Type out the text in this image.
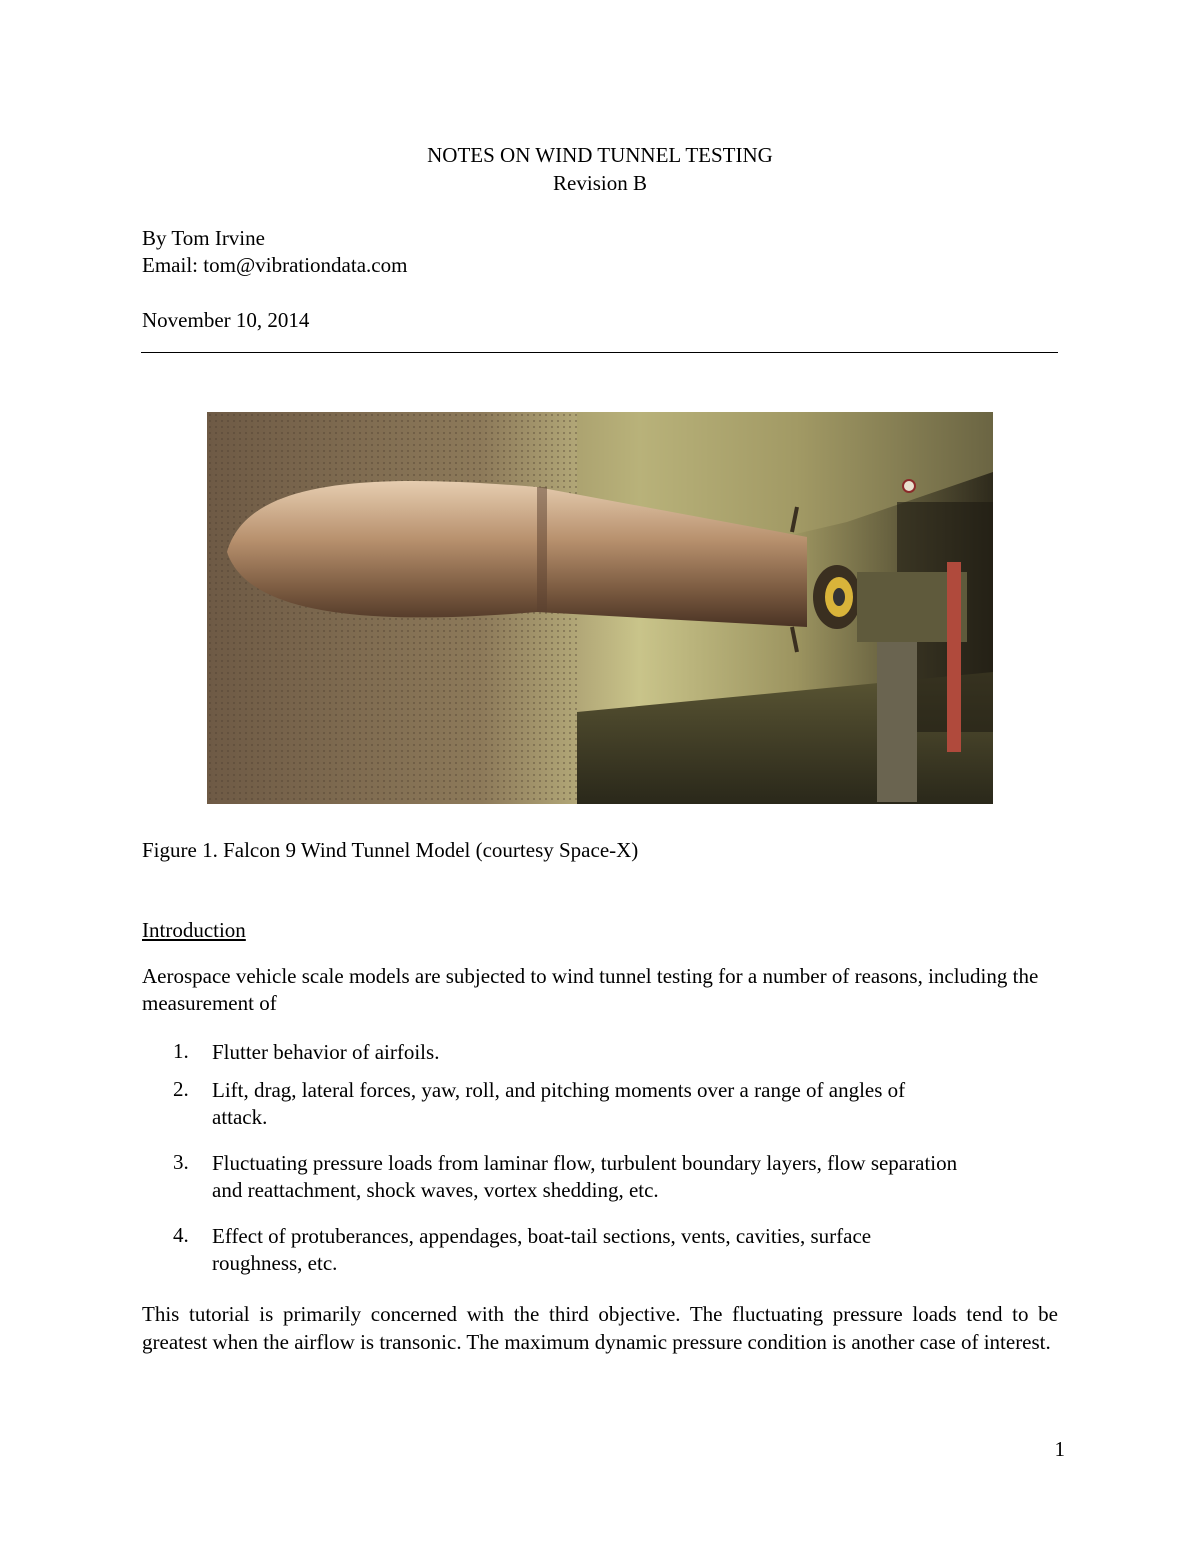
NOTES ON WIND TUNNEL TESTING
Revision B
By Tom Irvine
Email: tom@vibrationdata.com
November 10, 2014
Figure 1. Falcon 9 Wind Tunnel Model (courtesy Space-X)
Introduction
Aerospace vehicle scale models are subjected to wind tunnel testing for a number of reasons, including the measurement of
1.	Flutter behavior of airfoils.
2.	Lift, drag, lateral forces, yaw, roll, and pitching moments over a range of angles of attack.
3.	Fluctuating pressure loads from laminar flow, turbulent boundary layers, flow separation and reattachment, shock waves, vortex shedding, etc.
4.	Effect of protuberances, appendages, boat-tail sections, vents, cavities, surface roughness, etc.
This tutorial is primarily concerned with the third objective. The fluctuating pressure loads tend to be greatest when the airflow is transonic. The maximum dynamic pressure condition is another case of interest.
1
